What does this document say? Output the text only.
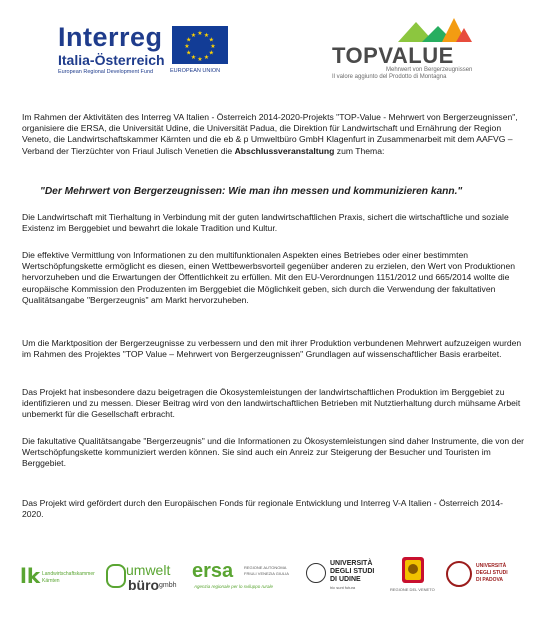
Interreg
Italia-Österreich
European Regional Development Fund
★ ★
★
★
★
★
★
★
★
★
★
★
EUROPEAN UNION
TOPVALUE
Mehrwert von Bergerzeugnissen
Il valore aggiunto del Prodotto di Montagna

Im Rahmen der Aktivitäten des Interreg VA Italien - Österreich 2014-2020-Projekts "TOP-Value - Mehrwert von Bergerzeugnissen", organisiere die ERSA, die Universität Udine, die Universität Padua, die Direktion für Landwirtschaft und Ernährung der Region Veneto, die Landwirtschaftskammer Kärnten und die eb & p Umweltbüro GmbH Klagenfurt in Zusammenarbeit mit dem AAFVG – Verband der Tierzüchter von Friaul Julisch Venetien die Abschlussveranstaltung zum Thema:

"Der Mehrwert von Bergerzeugnissen: Wie man ihn messen und kommunizieren kann."

Die Landwirtschaft mit Tierhaltung in Verbindung mit der guten landwirtschaftlichen Praxis, sichert die wirtschaftliche und soziale Existenz im Berggebiet und bewahrt die lokale Tradition und Kultur.

Die effektive Vermittlung von Informationen zu den multifunktionalen Aspekten eines Betriebes oder einer bestimmten Wertschöpfungskette ermöglicht es diesen, einen Wettbewerbsvorteil gegenüber anderen zu erzielen, den Wert von Produktionen hervorzuheben und die Erwartungen der Öffentlichkeit zu erfüllen. Mit den EU-Verordnungen 1151/2012 und 665/2014 wollte die europäische Kommission den Produzenten im Berggebiet die Möglichkeit geben, sich durch die Verwendung der fakultativen Qualitätsangabe "Bergerzeugnis" am Markt hervorzuheben.

Um die Marktposition der Bergerzeugnisse zu verbessern und den mit ihrer Produktion verbundenen Mehrwert aufzuzeigen wurden im Rahmen des Projektes "TOP Value – Mehrwert von Bergerzeugnissen" Grundlagen auf wissenschaftlicher Basis erarbeitet.

Das Projekt hat insbesondere dazu beigetragen die Ökosystemleistungen der landwirtschaftlichen Produktion im Berggebiet zu identifizieren und zu messen. Dieser Beitrag wird von den landwirtschaftlichen Betrieben mit Nutztierhaltung durch mühsame Arbeit unbemerkt für die Gesellschaft erbracht.

Die fakultative Qualitätsangabe "Bergerzeugnis" und die Informationen zu Ökosystemleistungen sind daher Instrumente, die von der Wertschöpfungskette kommuniziert werden können. Sie sind auch ein Anreiz zur Steigerung der Besucher und Touristen im Berggebiet.

Das Projekt wird gefördert durch den Europäischen Fonds für regionale Entwicklung und Interreg V-A Italien - Österreich 2014-2020.

lk Landwirtschaftskammer
Kärnten
umwelt
büro gmbh
ersa	REGIONE AUTONOMA
FRIULI VENEZIA GIULIA
Agenzia regionale per lo sviluppo rurale
UNIVERSITÀ
DEGLI STUDI
DI UDINE
hic sunt futura	REGIONE DEL VENETO
UNIVERSITÀ
DEGLI STUDI
DI PADOVA
